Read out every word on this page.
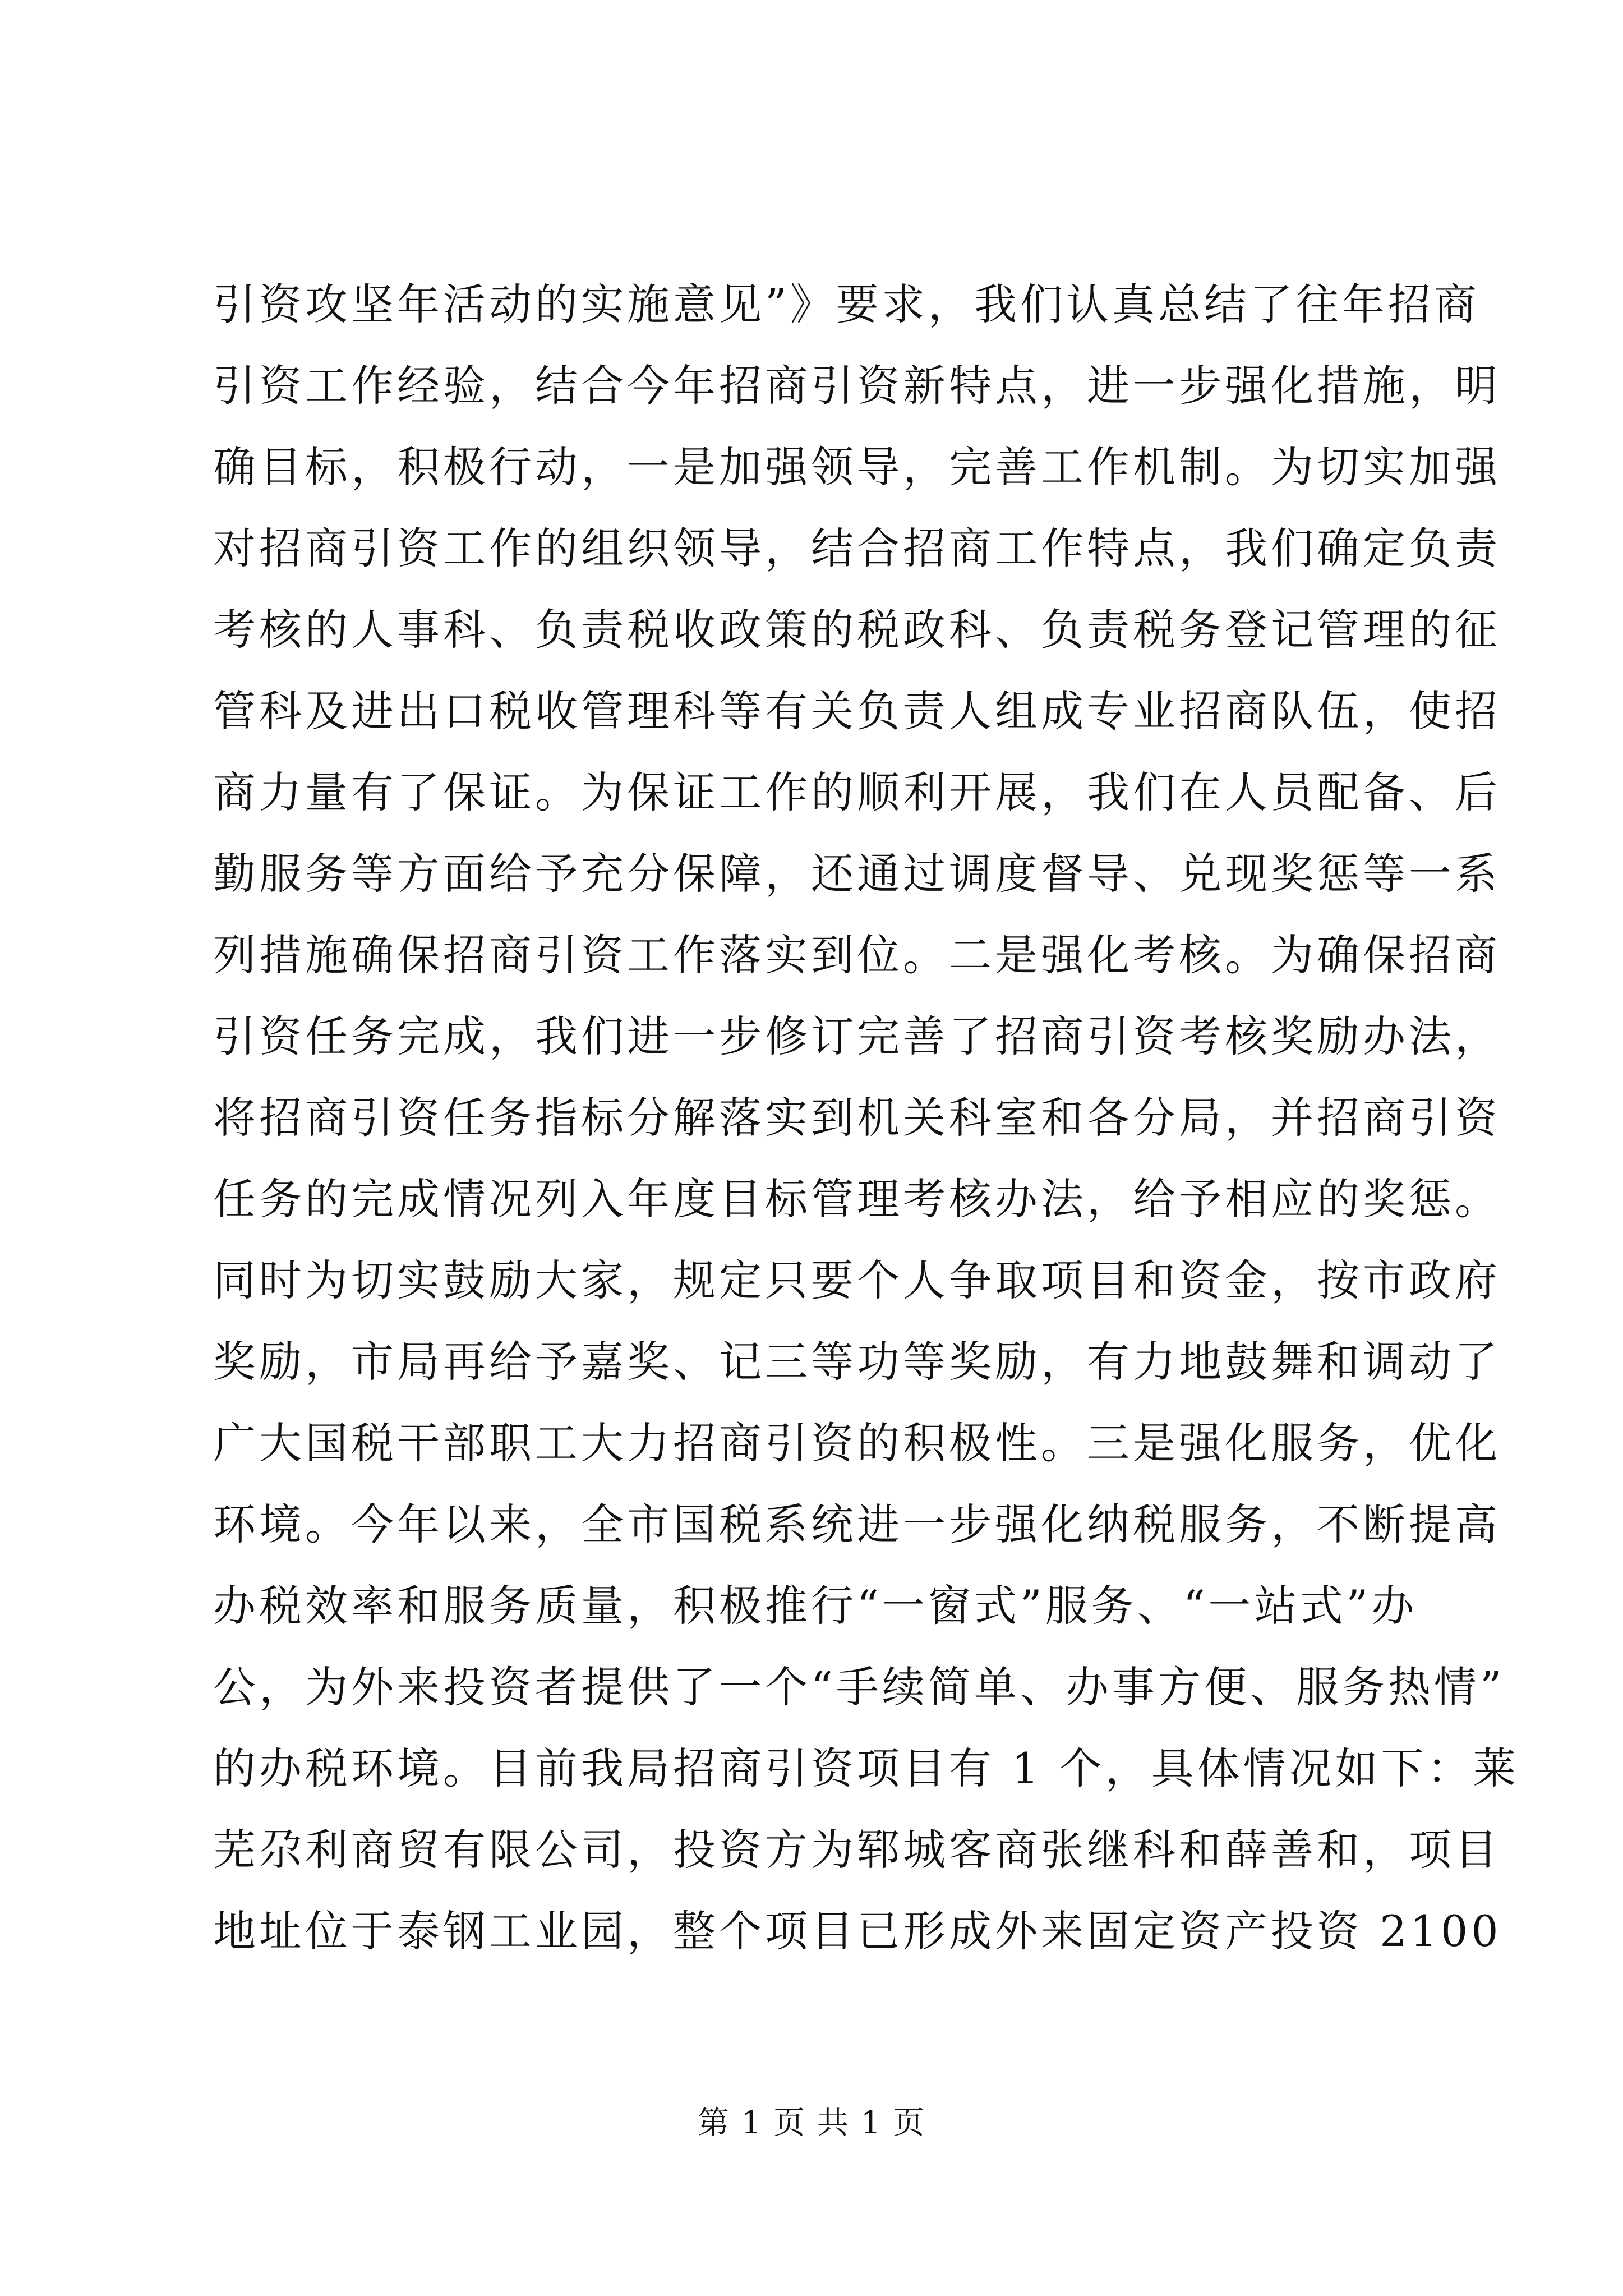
引资攻坚年活动的实施意见”》要求，我们认真总结了往年招商
引资工作经验，结合今年招商引资新特点，进一步强化措施，明
确目标，积极行动，一是加强领导，完善工作机制。为切实加强
对招商引资工作的组织领导，结合招商工作特点，我们确定负责
考核的人事科、负责税收政策的税政科、负责税务登记管理的征
管科及进出口税收管理科等有关负责人组成专业招商队伍，使招
商力量有了保证。为保证工作的顺利开展，我们在人员配备、后
勤服务等方面给予充分保障，还通过调度督导、兑现奖惩等一系
列措施确保招商引资工作落实到位。二是强化考核。为确保招商
引资任务完成，我们进一步修订完善了招商引资考核奖励办法，
将招商引资任务指标分解落实到机关科室和各分局，并招商引资
任务的完成情况列入年度目标管理考核办法，给予相应的奖惩。
同时为切实鼓励大家，规定只要个人争取项目和资金，按市政府
奖励，市局再给予嘉奖、记三等功等奖励，有力地鼓舞和调动了
广大国税干部职工大力招商引资的积极性。三是强化服务，优化
环境。今年以来，全市国税系统进一步强化纳税服务，不断提高
办税效率和服务质量，积极推行“一窗式”服务、“一站式”办
公，为外来投资者提供了一个“手续简单、办事方便、服务热情”
的办税环境。目前我局招商引资项目有 1 个，具体情况如下：莱
芜尕利商贸有限公司，投资方为郓城客商张继科和薛善和，项目
地址位于泰钢工业园，整个项目已形成外来固定资产投资 2100
第 1 页 共 1 页
